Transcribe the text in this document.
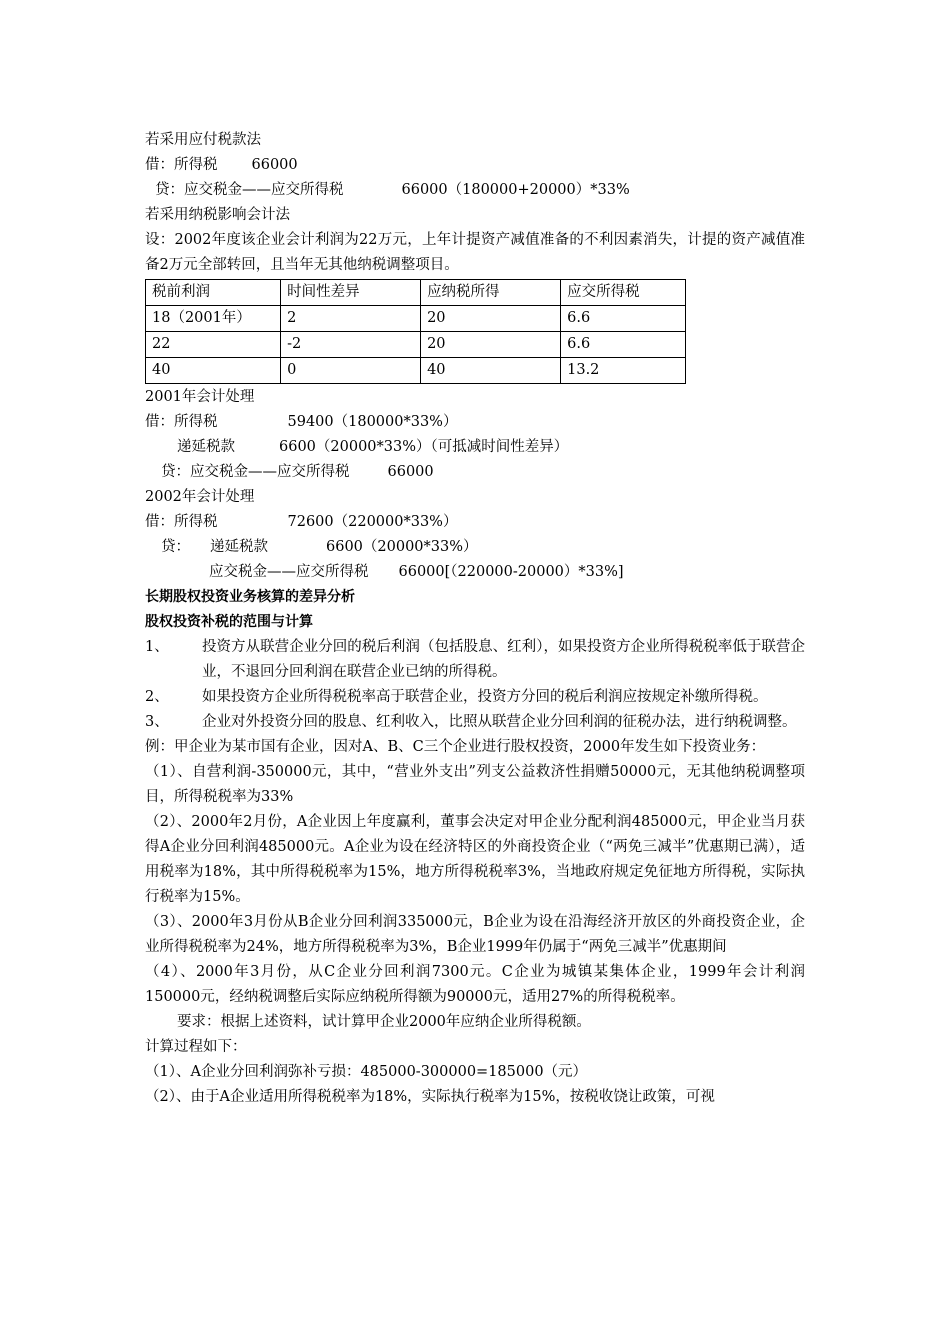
若采用应付税款法
借：所得税 66000
贷：应交税金——应交所得税	66000（180000+20000）*33%
若采用纳税影响会计法
设：2002年度该企业会计利润为22万元，上年计提资产减值准备的不利因素消失，计提的资产减值准备2万元全部转回，且当年无其他纳税调整项目。
税前利润	时间性差异	应纳税所得	应交所得税
18（2001年）	2	20	6.6
22	-2	20	6.6
40	0	40	13.2
2001年会计处理
借：所得税	59400（180000*33%）
递延税款	6600（20000*33%）（可抵减时间性差异）
贷：应交税金——应交所得税	66000
2002年会计处理
借：所得税	72600（220000*33%）
贷： 递延税款	6600（20000*33%）
应交税金——应交所得税 66000[（220000-20000）*33%]
长期股权投资业务核算的差异分析
股权投资补税的范围与计算
1、	投资方从联营企业分回的税后利润（包括股息、红利），如果投资方企业所得税税率低于联营企业，不退回分回利润在联营企业已纳的所得税。
2、	如果投资方企业所得税税率高于联营企业，投资方分回的税后利润应按规定补缴所得税。
3、	企业对外投资分回的股息、红利收入，比照从联营企业分回利润的征税办法，进行纳税调整。
例：甲企业为某市国有企业，因对A、B、C三个企业进行股权投资，2000年发生如下投资业务：
（1）、自营利润-350000元，其中，“营业外支出”列支公益救济性捐赠50000元，无其他纳税调整项目，所得税税率为33%
（2）、2000年2月份，A企业因上年度赢利，董事会决定对甲企业分配利润485000元，甲企业当月获得A企业分回利润485000元。A企业为设在经济特区的外商投资企业（“两免三减半”优惠期已满），适用税率为18%，其中所得税税率为15%，地方所得税税率3%，当地政府规定免征地方所得税，实际执行税率为15%。
（3）、2000年3月份从B企业分回利润335000元，B企业为设在沿海经济开放区的外商投资企业，企业所得税税率为24%，地方所得税税率为3%，B企业1999年仍属于“两免三减半”优惠期间
（4）、2000年3月份，从C企业分回利润7300元。C企业为城镇某集体企业，1999年会计利润150000元，经纳税调整后实际应纳税所得额为90000元，适用27%的所得税税率。
要求：根据上述资料，试计算甲企业2000年应纳企业所得税额。
计算过程如下：
（1）、A企业分回利润弥补亏损：485000-300000=185000（元）
（2）、由于A企业适用所得税税率为18%，实际执行税率为15%，按税收饶让政策，可视
